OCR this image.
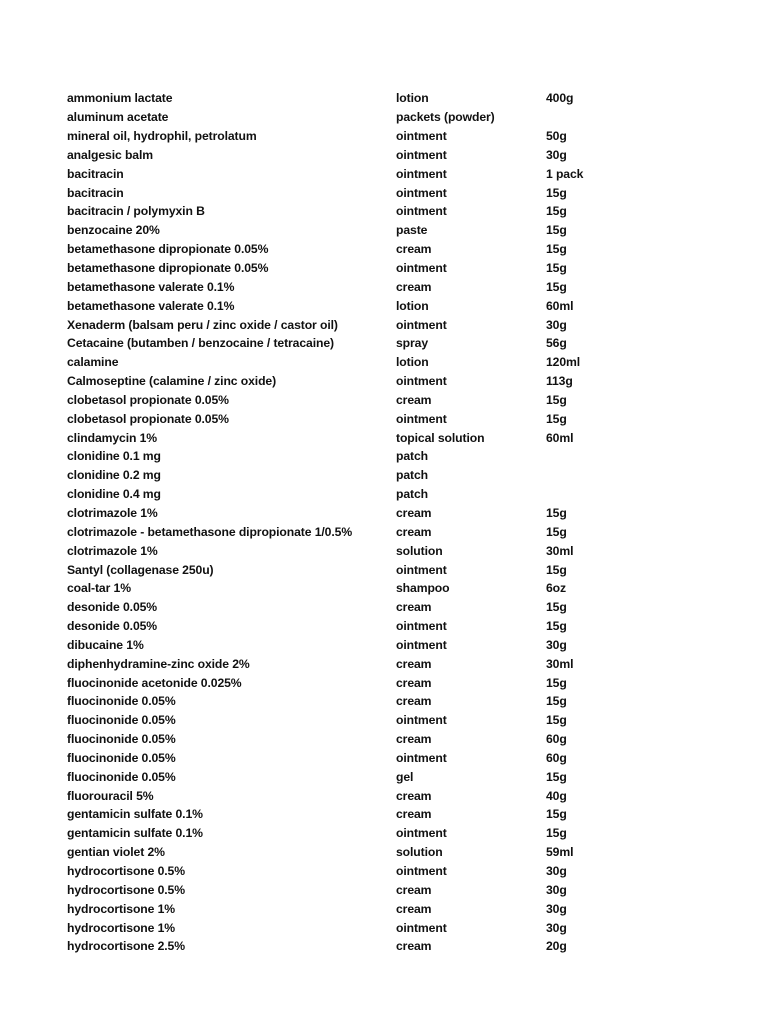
ammonium lactate	lotion	400g
aluminum acetate	packets (powder)
mineral oil, hydrophil, petrolatum	ointment	50g
analgesic balm	ointment	30g
bacitracin	ointment	1 pack
bacitracin	ointment	15g
bacitracin / polymyxin B	ointment	15g
benzocaine 20%	paste	15g
betamethasone dipropionate 0.05%	cream	15g
betamethasone dipropionate 0.05%	ointment	15g
betamethasone valerate 0.1%	cream	15g
betamethasone valerate 0.1%	lotion	60ml
Xenaderm (balsam peru / zinc oxide / castor oil)	ointment	30g
Cetacaine (butamben / benzocaine / tetracaine)	spray	56g
calamine	lotion	120ml
Calmoseptine (calamine / zinc oxide)	ointment	113g
clobetasol propionate 0.05%	cream	15g
clobetasol propionate 0.05%	ointment	15g
clindamycin 1%	topical solution	60ml
clonidine 0.1 mg	patch
clonidine 0.2 mg	patch
clonidine 0.4 mg	patch
clotrimazole 1%	cream	15g
clotrimazole - betamethasone dipropionate 1/0.5%	cream	15g
clotrimazole 1%	solution	30ml
Santyl (collagenase 250u)	ointment	15g
coal-tar 1%	shampoo	6oz
desonide 0.05%	cream	15g
desonide 0.05%	ointment	15g
dibucaine 1%	ointment	30g
diphenhydramine-zinc oxide 2%	cream	30ml
fluocinonide acetonide 0.025%	cream	15g
fluocinonide 0.05%	cream	15g
fluocinonide 0.05%	ointment	15g
fluocinonide 0.05%	cream	60g
fluocinonide 0.05%	ointment	60g
fluocinonide 0.05%	gel	15g
fluorouracil 5%	cream	40g
gentamicin sulfate 0.1%	cream	15g
gentamicin sulfate 0.1%	ointment	15g
gentian violet 2%	solution	59ml
hydrocortisone 0.5%	ointment	30g
hydrocortisone 0.5%	cream	30g
hydrocortisone 1%	cream	30g
hydrocortisone 1%	ointment	30g
hydrocortisone 2.5%	cream	20g
